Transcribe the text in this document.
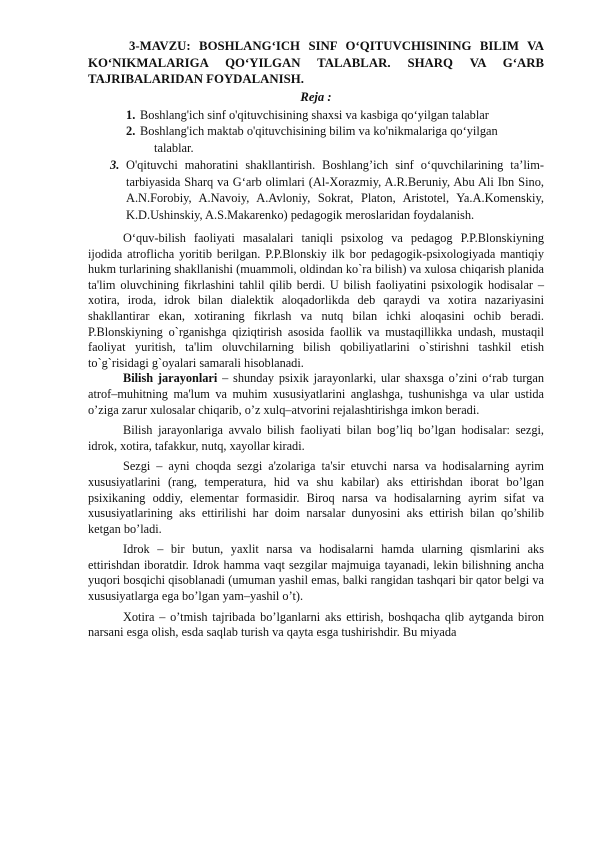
3-MAVZU: BOSHLANG‘ICH SINF O‘QITUVCHISINING BILIM VA KO‘NIKMALARIGA QO‘YILGAN TALABLAR. SHARQ VA G‘ARB TAJRIBALARIDAN FOYDALANISH.

Reja :
1. Boshlang'ich sinf o'qituvchisining shaxsi va kasbiga qo‘yilgan talablar
2. Boshlang'ich maktab o'qituvchisining bilim va ko'nikmalariga qo‘yilgan
talablar.
3. O'qituvchi mahoratini shakllantirish. Boshlang’ich sinf o‘quvchilarining ta’lim-tarbiyasida Sharq va G‘arb olimlari (Al-Xorazmiy, A.R.Beruniy, Abu Ali Ibn Sino, A.N.Forobiy, A.Navoiy, A.Avloniy, Sokrat, Platon, Aristotel, Ya.A.Komenskiy, K.D.Ushinskiy, A.S.Makarenko) pedagogik meroslaridan foydalanish.

O‘quv-bilish faoliyati masalalari taniqli psixolog va pedagog P.P.Blonskiyning ijodida atroflicha yoritib berilgan. P.P.Blonskiy ilk bor pedagogik-psixologiyada mantiqiy hukm turlarining shakllanishi (muammoli, oldindan ko`ra bilish) va xulosa chiqarish planida ta'lim oluvchining fikrlashini tahlil qilib berdi. U bilish faoliyatini psixologik hodisalar – xotira, iroda, idrok bilan dialektik aloqadorlikda deb qaraydi va xotira nazariyasini shakllantirar ekan, xotiraning fikrlash va nutq bilan ichki aloqasini ochib beradi. P.Blonskiyning o`rganishga qiziqtirish asosida faollik va mustaqillikka undash, mustaqil faoliyat yuritish, ta'lim oluvchilarning bilish qobiliyatlarini o`stirishni tashkil etish to`g`risidagi g`oyalari samarali hisoblanadi.

Bilish jarayonlari – shunday psixik jarayonlarki, ular shaxsga o’zini o‘rab turgan atrof–muhitning ma'lum va muhim xususiyatlarini anglashga, tushunishga va ular ustida o’ziga zarur xulosalar chiqarib, o’z xulq–atvorini rejalashtirishga imkon beradi.

Bilish jarayonlariga avvalo bilish faoliyati bilan bog’liq bo’lgan hodisalar: sezgi, idrok, xotira, tafakkur, nutq, xayollar kiradi.

Sezgi – ayni choqda sezgi a'zolariga ta'sir etuvchi narsa va hodisalarning ayrim xususiyatlarini (rang, temperatura, hid va shu kabilar) aks ettirishdan iborat bo’lgan psixikaning oddiy, elementar formasidir. Biroq narsa va hodisalarning ayrim sifat va xususiyatlarining aks ettirilishi har doim narsalar dunyosini aks ettirish bilan qo’shilib ketgan bo’ladi.

Idrok – bir butun, yaxlit narsa va hodisalarni hamda ularning qismlarini aks ettirishdan iboratdir. Idrok hamma vaqt sezgilar majmuiga tayanadi, lekin bilishning ancha yuqori bosqichi qisoblanadi (umuman yashil emas, balki rangidan tashqari bir qator belgi va xususiyatlarga ega bo’lgan yam–yashil o’t).

Xotira – o’tmish tajribada bo’lganlarni aks ettirish, boshqacha qlib aytganda biron narsani esga olish, esda saqlab turish va qayta esga tushirishdir. Bu miyada
